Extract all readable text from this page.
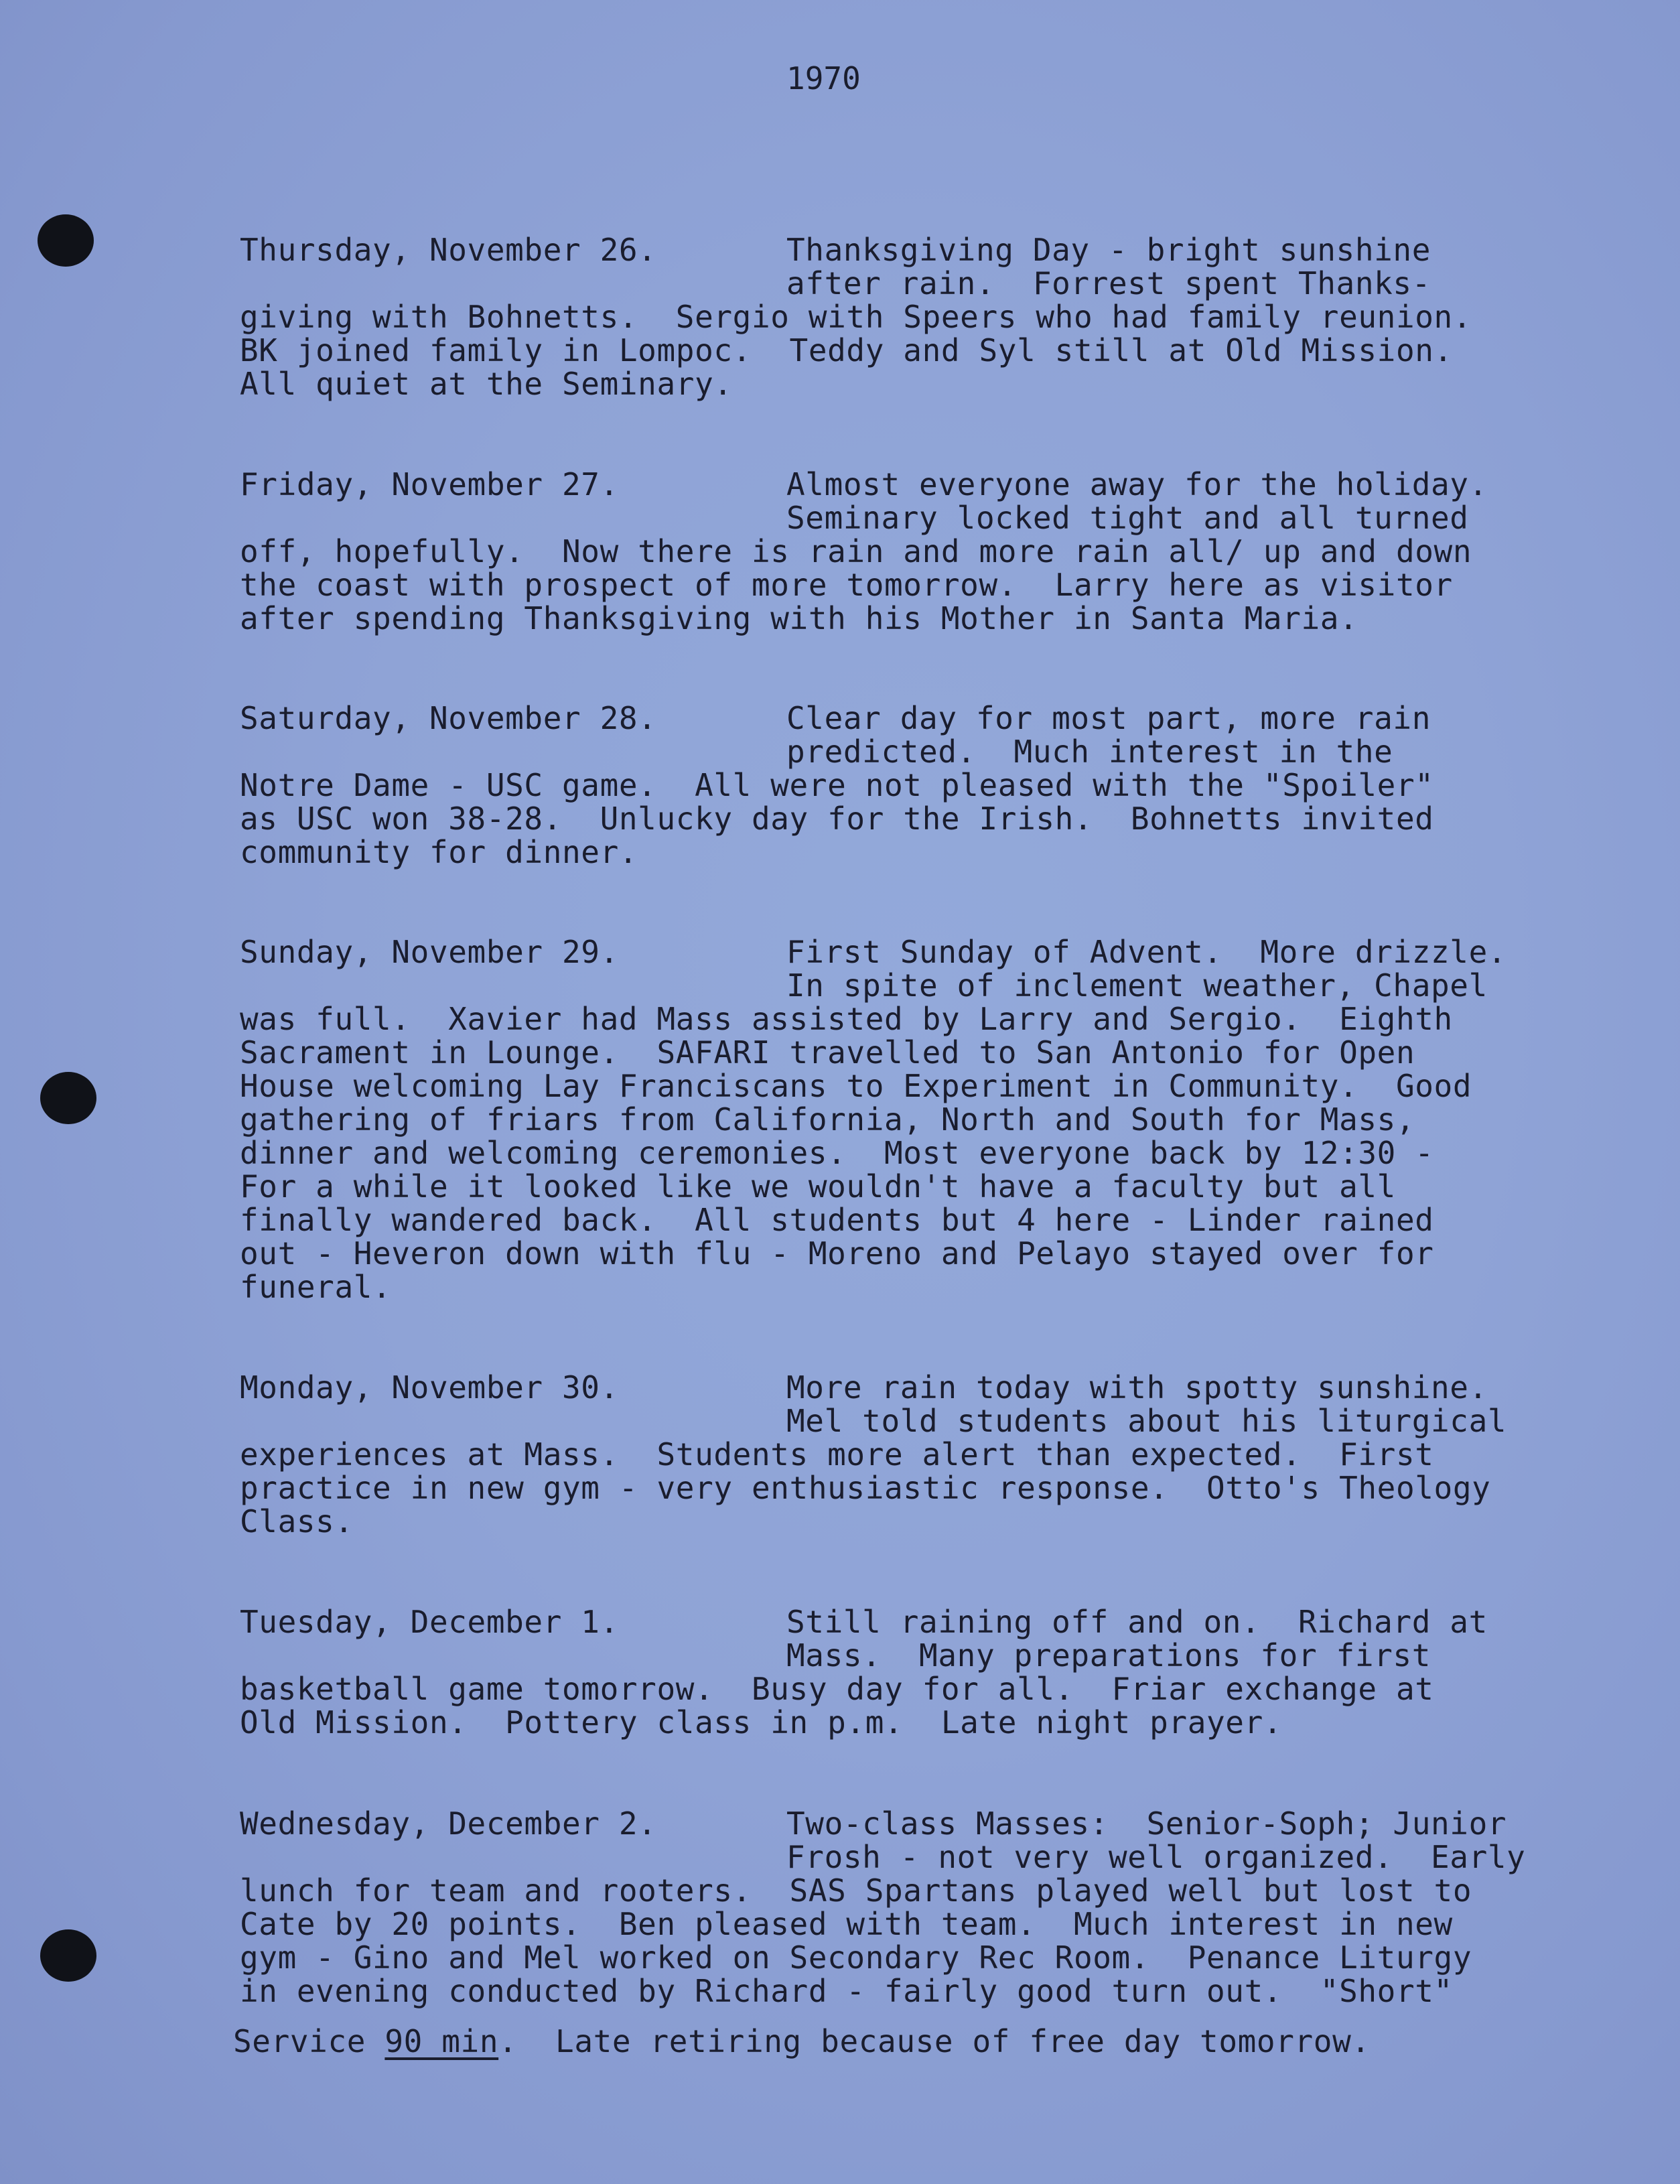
1970
Thursday, November 26.	Thanksgiving Day - bright sunshine
after rain.  Forrest spent Thanks-
giving with Bohnetts.  Sergio with Speers who had family reunion.
BK joined family in Lompoc.  Teddy and Syl still at Old Mission.
All quiet at the Seminary.
Friday, November 27.	Almost everyone away for the holiday.
Seminary locked tight and all turned
off, hopefully.  Now there is rain and more rain all/ up and down
the coast with prospect of more tomorrow.  Larry here as visitor
after spending Thanksgiving with his Mother in Santa Maria.
Saturday, November 28.	Clear day for most part, more rain
predicted.  Much interest in the
Notre Dame - USC game.  All were not pleased with the "Spoiler"
as USC won 38-28.  Unlucky day for the Irish.  Bohnetts invited
community for dinner.
Sunday, November 29.	First Sunday of Advent.  More drizzle.
In spite of inclement weather, Chapel
was full.  Xavier had Mass assisted by Larry and Sergio.  Eighth
Sacrament in Lounge.  SAFARI travelled to San Antonio for Open
House welcoming Lay Franciscans to Experiment in Community.  Good
gathering of friars from California, North and South for Mass,
dinner and welcoming ceremonies.  Most everyone back by 12:30 -
For a while it looked like we wouldn't have a faculty but all
finally wandered back.  All students but 4 here - Linder rained
out - Heveron down with flu - Moreno and Pelayo stayed over for
funeral.
Monday, November 30.	More rain today with spotty sunshine.
Mel told students about his liturgical
experiences at Mass.  Students more alert than expected.  First
practice in new gym - very enthusiastic response.  Otto's Theology
Class.
Tuesday, December 1.	Still raining off and on.  Richard at
Mass.  Many preparations for first
basketball game tomorrow.  Busy day for all.  Friar exchange at
Old Mission.  Pottery class in p.m.  Late night prayer.
Wednesday, December 2.	Two-class Masses:  Senior-Soph; Junior
Frosh - not very well organized.  Early
lunch for team and rooters.  SAS Spartans played well but lost to
Cate by 20 points.  Ben pleased with team.  Much interest in new
gym - Gino and Mel worked on Secondary Rec Room.  Penance Liturgy
in evening conducted by Richard - fairly good turn out.  "Short"
Service 90 min.  Late retiring because of free day tomorrow.
